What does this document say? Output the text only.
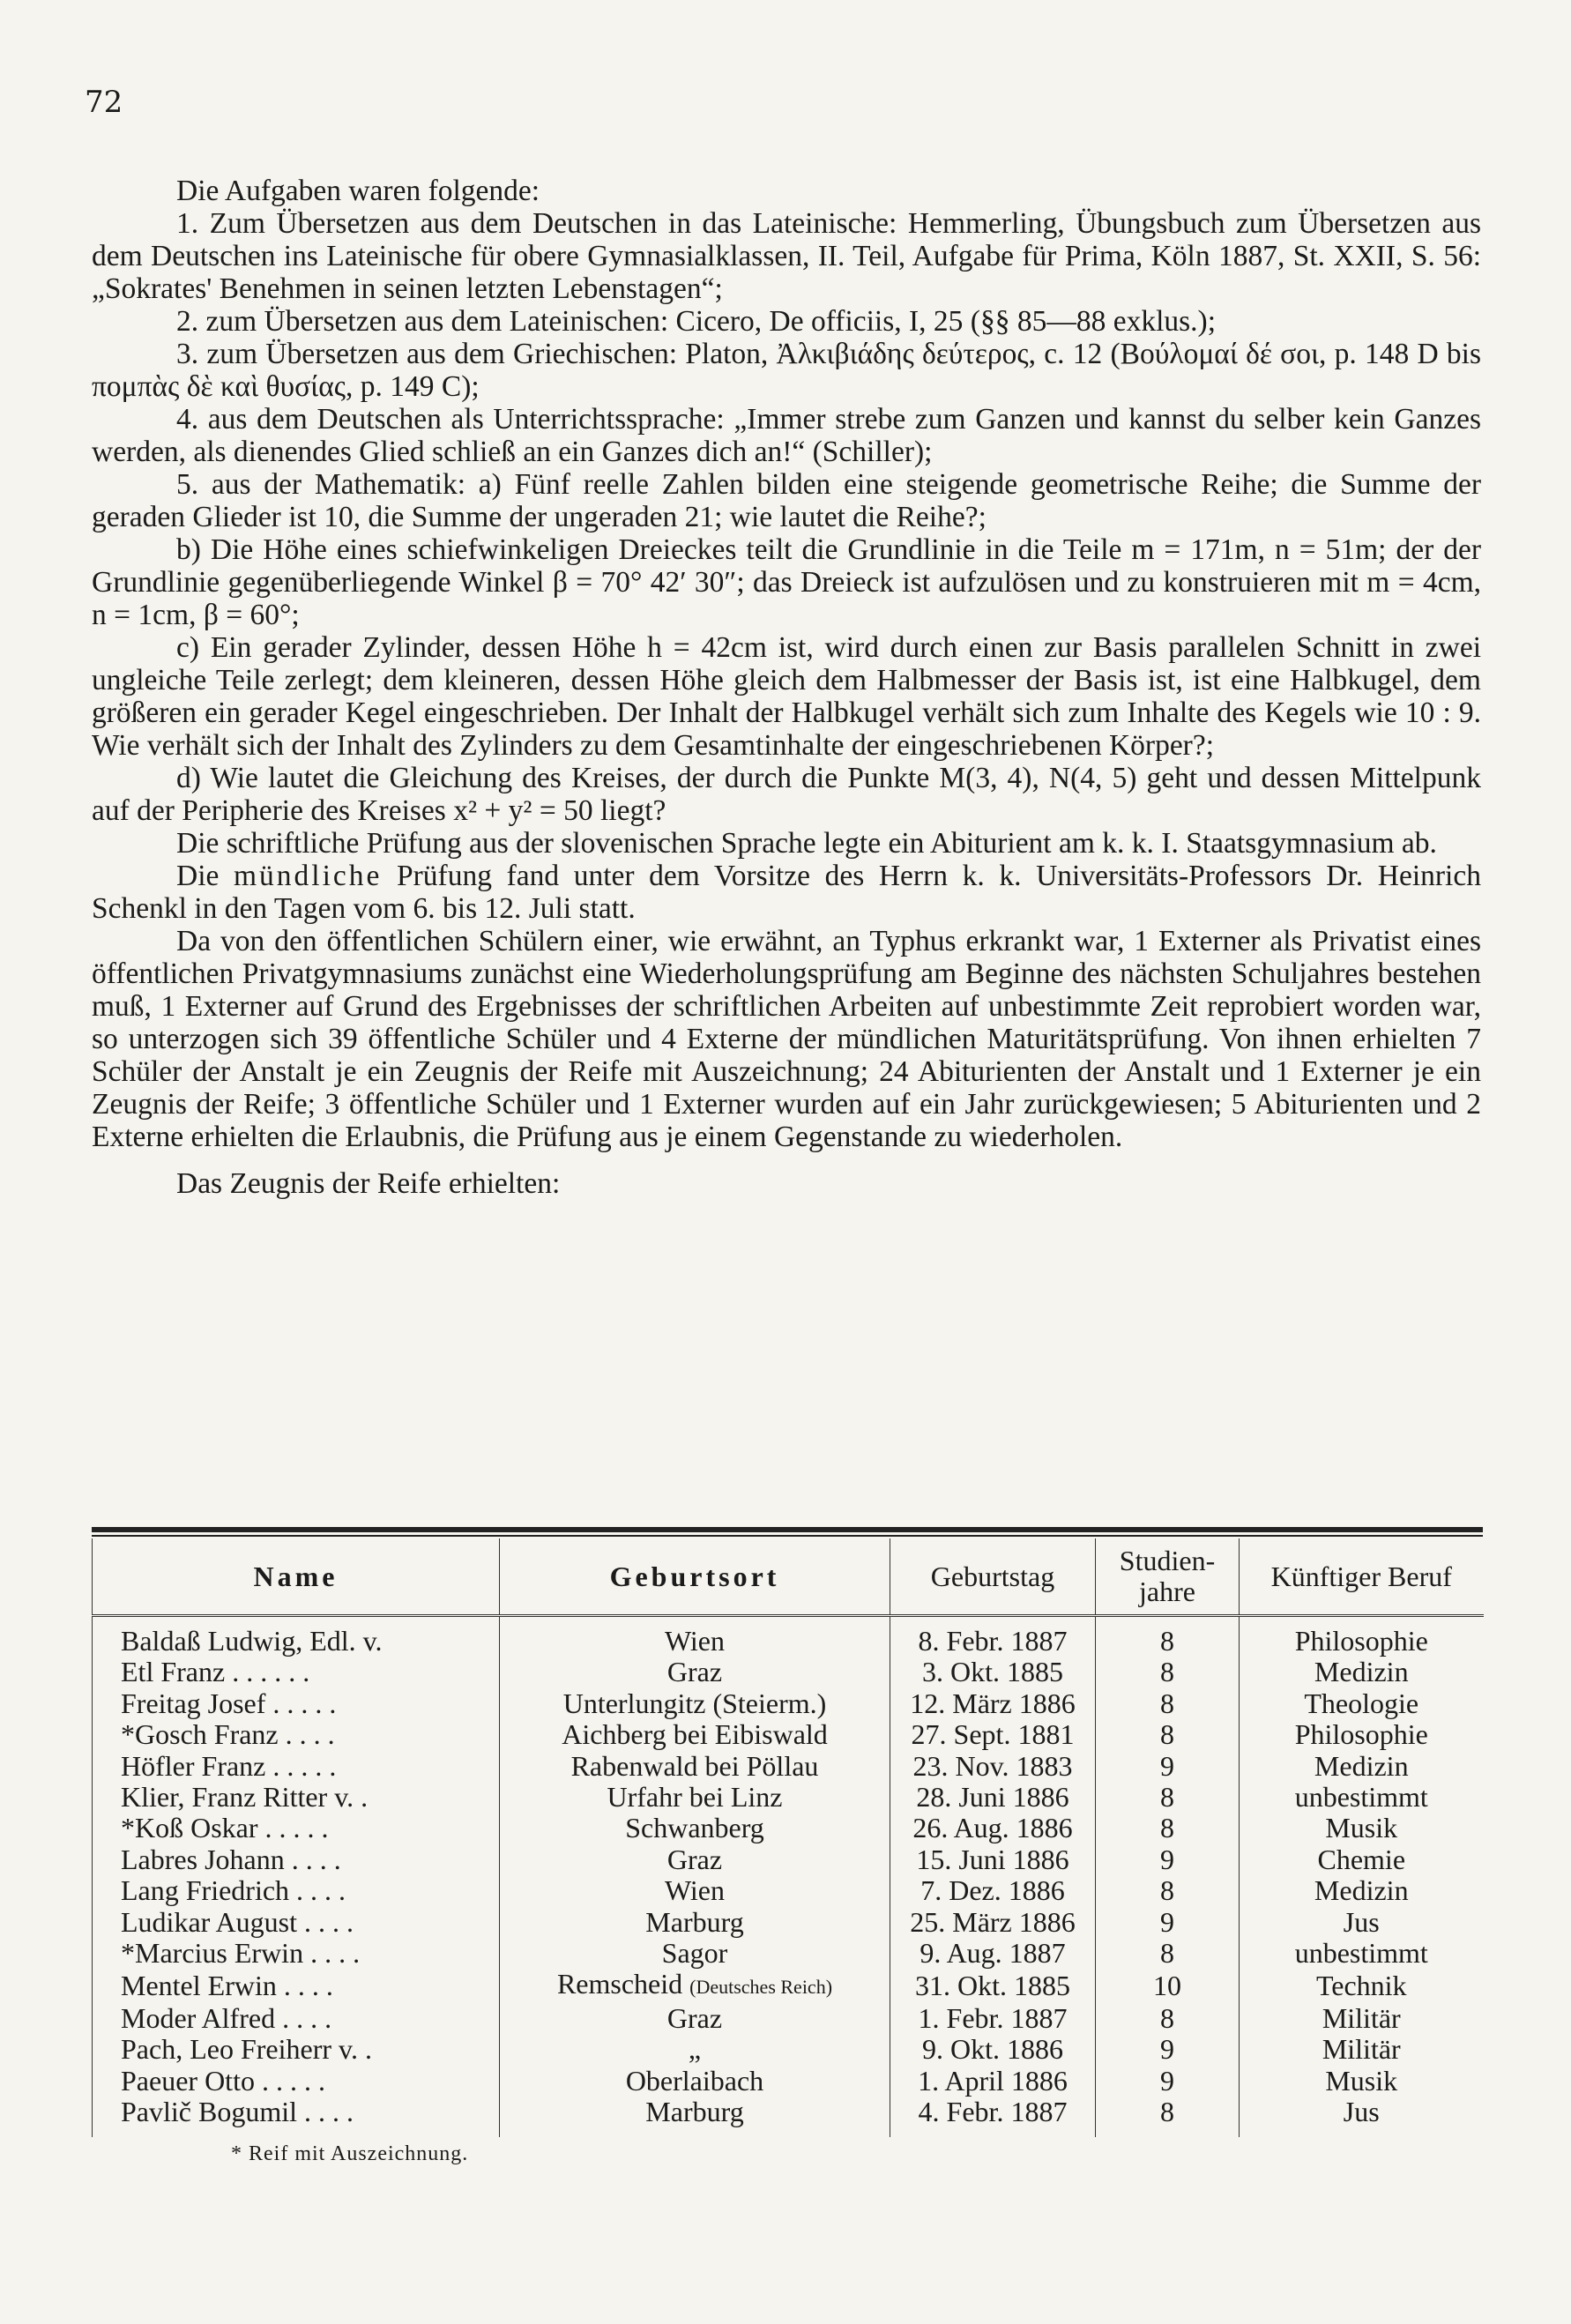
72

Die Aufgaben waren folgende:

1. Zum Übersetzen aus dem Deutschen in das Lateinische: Hemmerling, Übungsbuch zum Übersetzen aus dem Deutschen ins Lateinische für obere Gymnasialklassen, II. Teil, Aufgabe für Prima, Köln 1887, St. XXII, S. 56: „Sokrates' Benehmen in seinen letzten Lebenstagen“;

2. zum Übersetzen aus dem Lateinischen: Cicero, De officiis, I, 25 (§§ 85—88 exklus.);

3. zum Übersetzen aus dem Griechischen: Platon, Ἀλκιβιάδης δεύτερος, c. 12 (Βούλομαί δέ σοι, p. 148 D bis πομπὰς δὲ καὶ θυσίας, p. 149 C);

4. aus dem Deutschen als Unterrichtssprache: „Immer strebe zum Ganzen und kannst du selber kein Ganzes werden, als dienendes Glied schließ an ein Ganzes dich an!“ (Schiller);

5. aus der Mathematik: a) Fünf reelle Zahlen bilden eine steigende geometrische Reihe; die Summe der geraden Glieder ist 10, die Summe der ungeraden 21; wie lautet die Reihe?;

b) Die Höhe eines schiefwinkeligen Dreieckes teilt die Grundlinie in die Teile m = 171m, n = 51m; der der Grundlinie gegenüberliegende Winkel β = 70° 42′ 30″; das Dreieck ist aufzulösen und zu konstruieren mit m = 4cm, n = 1cm, β = 60°;

c) Ein gerader Zylinder, dessen Höhe h = 42cm ist, wird durch einen zur Basis parallelen Schnitt in zwei ungleiche Teile zerlegt; dem kleineren, dessen Höhe gleich dem Halbmesser der Basis ist, ist eine Halbkugel, dem größeren ein gerader Kegel eingeschrieben. Der Inhalt der Halbkugel verhält sich zum Inhalte des Kegels wie 10 : 9. Wie verhält sich der Inhalt des Zylinders zu dem Gesamtinhalte der eingeschriebenen Körper?;

d) Wie lautet die Gleichung des Kreises, der durch die Punkte M(3, 4), N(4, 5) geht und dessen Mittelpunk auf der Peripherie des Kreises x² + y² = 50 liegt?

Die schriftliche Prüfung aus der slovenischen Sprache legte ein Abiturient am k. k. I. Staatsgymnasium ab.

Die mündliche Prüfung fand unter dem Vorsitze des Herrn k. k. Universitäts-Professors Dr. Heinrich Schenkl in den Tagen vom 6. bis 12. Juli statt.

Da von den öffentlichen Schülern einer, wie erwähnt, an Typhus erkrankt war, 1 Externer als Privatist eines öffentlichen Privatgymnasiums zunächst eine Wiederholungsprüfung am Beginne des nächsten Schuljahres bestehen muß, 1 Externer auf Grund des Ergebnisses der schriftlichen Arbeiten auf unbestimmte Zeit reprobiert worden war, so unterzogen sich 39 öffentliche Schüler und 4 Externe der mündlichen Maturitätsprüfung. Von ihnen erhielten 7 Schüler der Anstalt je ein Zeugnis der Reife mit Auszeichnung; 24 Abiturienten der Anstalt und 1 Externer je ein Zeugnis der Reife; 3 öffentliche Schüler und 1 Externer wurden auf ein Jahr zurückgewiesen; 5 Abiturienten und 2 Externe erhielten die Erlaubnis, die Prüfung aus je einem Gegenstande zu wiederholen.

Das Zeugnis der Reife erhielten:

Name	Geburtsort	Geburtstag	Studien-jahre	Künftiger Beruf
Baldaß Ludwig, Edl. v.	Wien	8. Febr. 1887	8	Philosophie
Etl Franz . . . . . .	Graz	3. Okt. 1885	8	Medizin
Freitag Josef . . . . .	Unterlungitz (Steierm.)	12. März 1886	8	Theologie
*Gosch Franz . . . .	Aichberg bei Eibiswald	27. Sept. 1881	8	Philosophie
Höfler Franz . . . . .	Rabenwald bei Pöllau	23. Nov. 1883	9	Medizin
Klier, Franz Ritter v. .	Urfahr bei Linz	28. Juni 1886	8	unbestimmt
*Koß Oskar . . . . .	Schwanberg	26. Aug. 1886	8	Musik
Labres Johann . . . .	Graz	15. Juni 1886	9	Chemie
Lang Friedrich . . . .	Wien	7. Dez. 1886	8	Medizin
Ludikar August . . . .	Marburg	25. März 1886	9	Jus
*Marcius Erwin . . . .	Sagor	9. Aug. 1887	8	unbestimmt
Mentel Erwin . . . .	Remscheid (Deutsches Reich)	31. Okt. 1885	10	Technik
Moder Alfred . . . .	Graz	1. Febr. 1887	8	Militär
Pach, Leo Freiherr v. .	„	9. Okt. 1886	9	Militär
Paeuer Otto . . . . .	Oberlaibach	1. April 1886	9	Musik
Pavlič Bogumil . . . .	Marburg	4. Febr. 1887	8	Jus
* Reif mit Auszeichnung.
